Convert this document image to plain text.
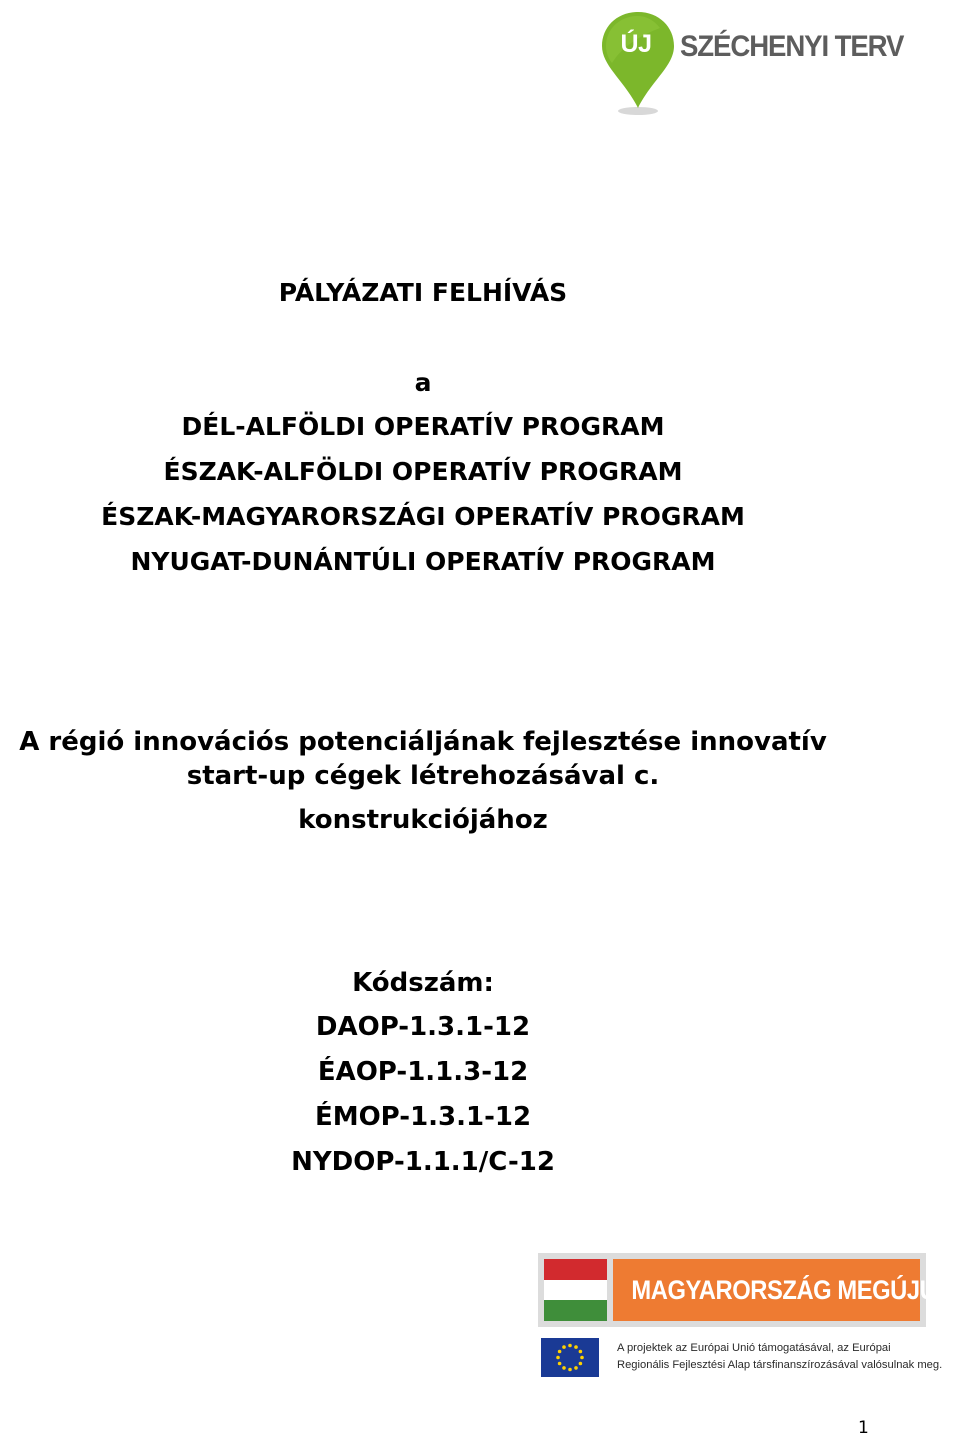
ÚJ SZÉCHENYI TERV
PÁLYÁZATI FELHÍVÁS
a
DÉL-ALFÖLDI OPERATÍV PROGRAM
ÉSZAK-ALFÖLDI OPERATÍV PROGRAM
ÉSZAK-MAGYARORSZÁGI OPERATÍV PROGRAM
NYUGAT-DUNÁNTÚLI OPERATÍV PROGRAM
A régió innovációs potenciáljának fejlesztése innovatív
start-up cégek létrehozásával c.
konstrukciójához
Kódszám:
DAOP-1.3.1-12
ÉAOP-1.1.3-12
ÉMOP-1.3.1-12
NYDOP-1.1.1/C-12
MAGYARORSZÁG MEGÚJUL
A projektek az Európai Unió támogatásával, az Európai
Regionális Fejlesztési Alap társfinanszírozásával valósulnak meg.
1
